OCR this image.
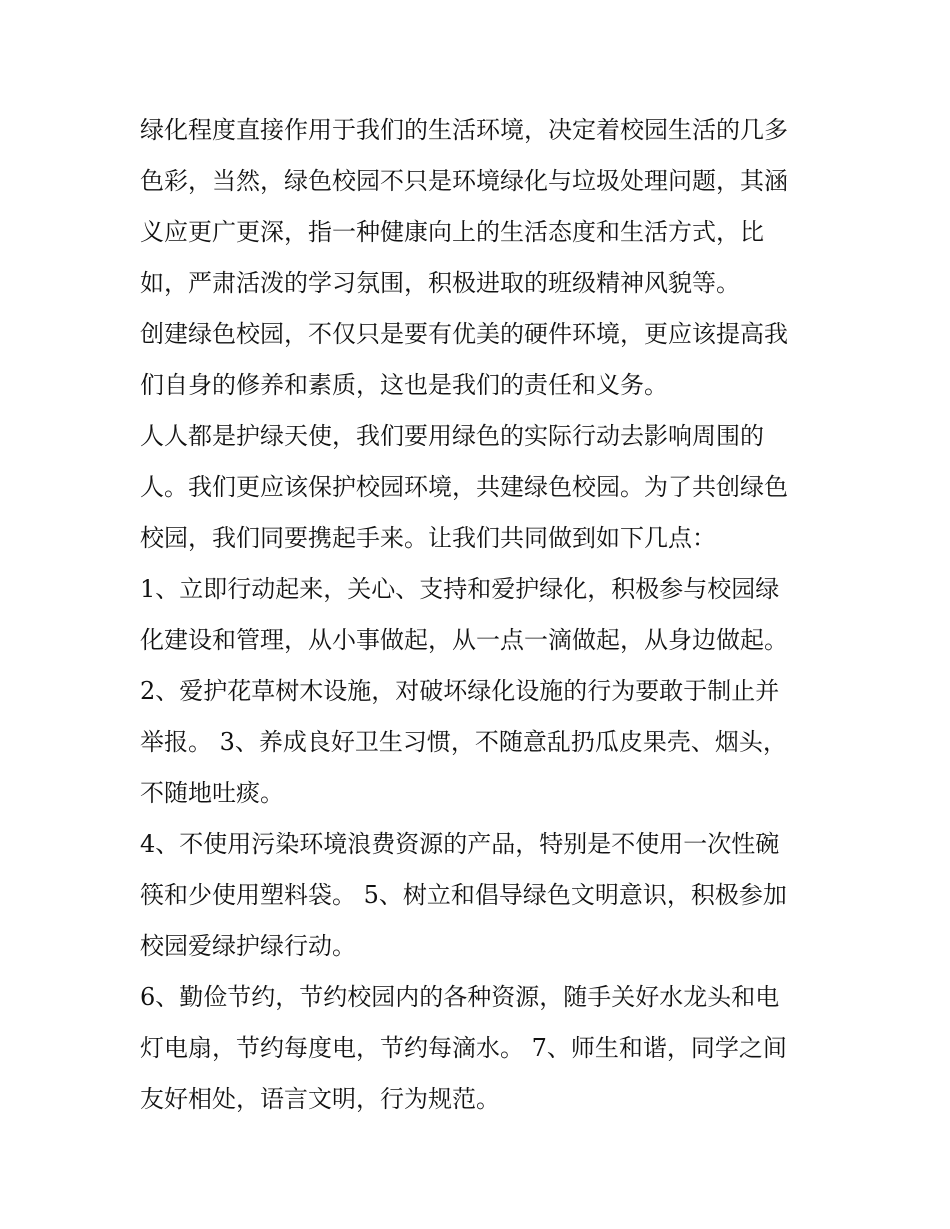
绿化程度直接作用于我们的生活环境，决定着校园生活的几多
色彩，当然，绿色校园不只是环境绿化与垃圾处理问题，其涵
义应更广更深，指一种健康向上的生活态度和生活方式，比
如，严肃活泼的学习氛围，积极进取的班级精神风貌等。
创建绿色校园，不仅只是要有优美的硬件环境，更应该提高我
们自身的修养和素质，这也是我们的责任和义务。
人人都是护绿天使，我们要用绿色的实际行动去影响周围的
人。我们更应该保护校园环境，共建绿色校园。为了共创绿色
校园，我们同要携起手来。让我们共同做到如下几点：
1、立即行动起来，关心、支持和爱护绿化，积极参与校园绿
化建设和管理，从小事做起，从一点一滴做起，从身边做起。
2、爱护花草树木设施，对破坏绿化设施的行为要敢于制止并
举报。 3、养成良好卫生习惯，不随意乱扔瓜皮果壳、烟头，
不随地吐痰。
4、不使用污染环境浪费资源的产品，特别是不使用一次性碗
筷和少使用塑料袋。 5、树立和倡导绿色文明意识，积极参加
校园爱绿护绿行动。
6、勤俭节约，节约校园内的各种资源，随手关好水龙头和电
灯电扇，节约每度电，节约每滴水。 7、师生和谐，同学之间
友好相处，语言文明，行为规范。
